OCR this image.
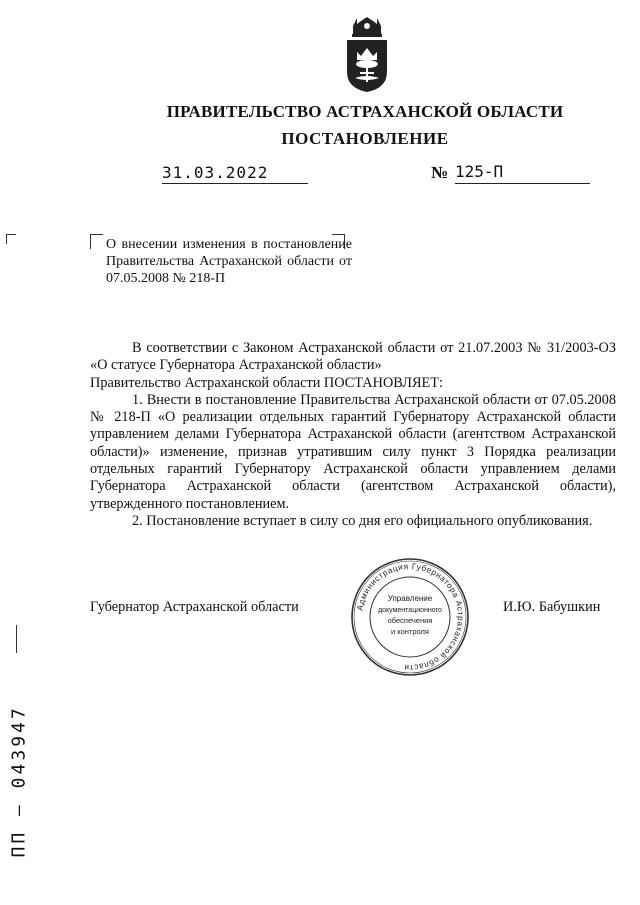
ПРАВИТЕЛЬСТВО АСТРАХАНСКОЙ ОБЛАСТИ
ПОСТАНОВЛЕНИЕ
31.03.2022	№ 125-П
О внесении изменения в постановление Правительства Астраханской области от 07.05.2008 № 218-П

В соответствии с Законом Астраханской области от 21.07.2003 № 31/2003-ОЗ «О статусе Губернатора Астраханской области»

Правительство Астраханской области ПОСТАНОВЛЯЕТ:

1. Внести в постановление Правительства Астраханской области от 07.05.2008 № 218-П «О реализации отдельных гарантий Губернатору Астраханской области управлением делами Губернатора Астраханской области (агентством Астраханской области)» изменение, признав утратившим силу пункт 3 Порядка реализации отдельных гарантий Губернатору Астраханской области управлением делами Губернатора Астраханской области (агентством Астраханской области), утвержденного постановлением.

2. Постановление вступает в силу со дня его официального опубликования.

Губернатор Астраханской области	И.Ю. Бабушкин
Администрация Губернатора Астраханской области
Управление
документационного
обеспечения
и контроля
ПП – 043947
